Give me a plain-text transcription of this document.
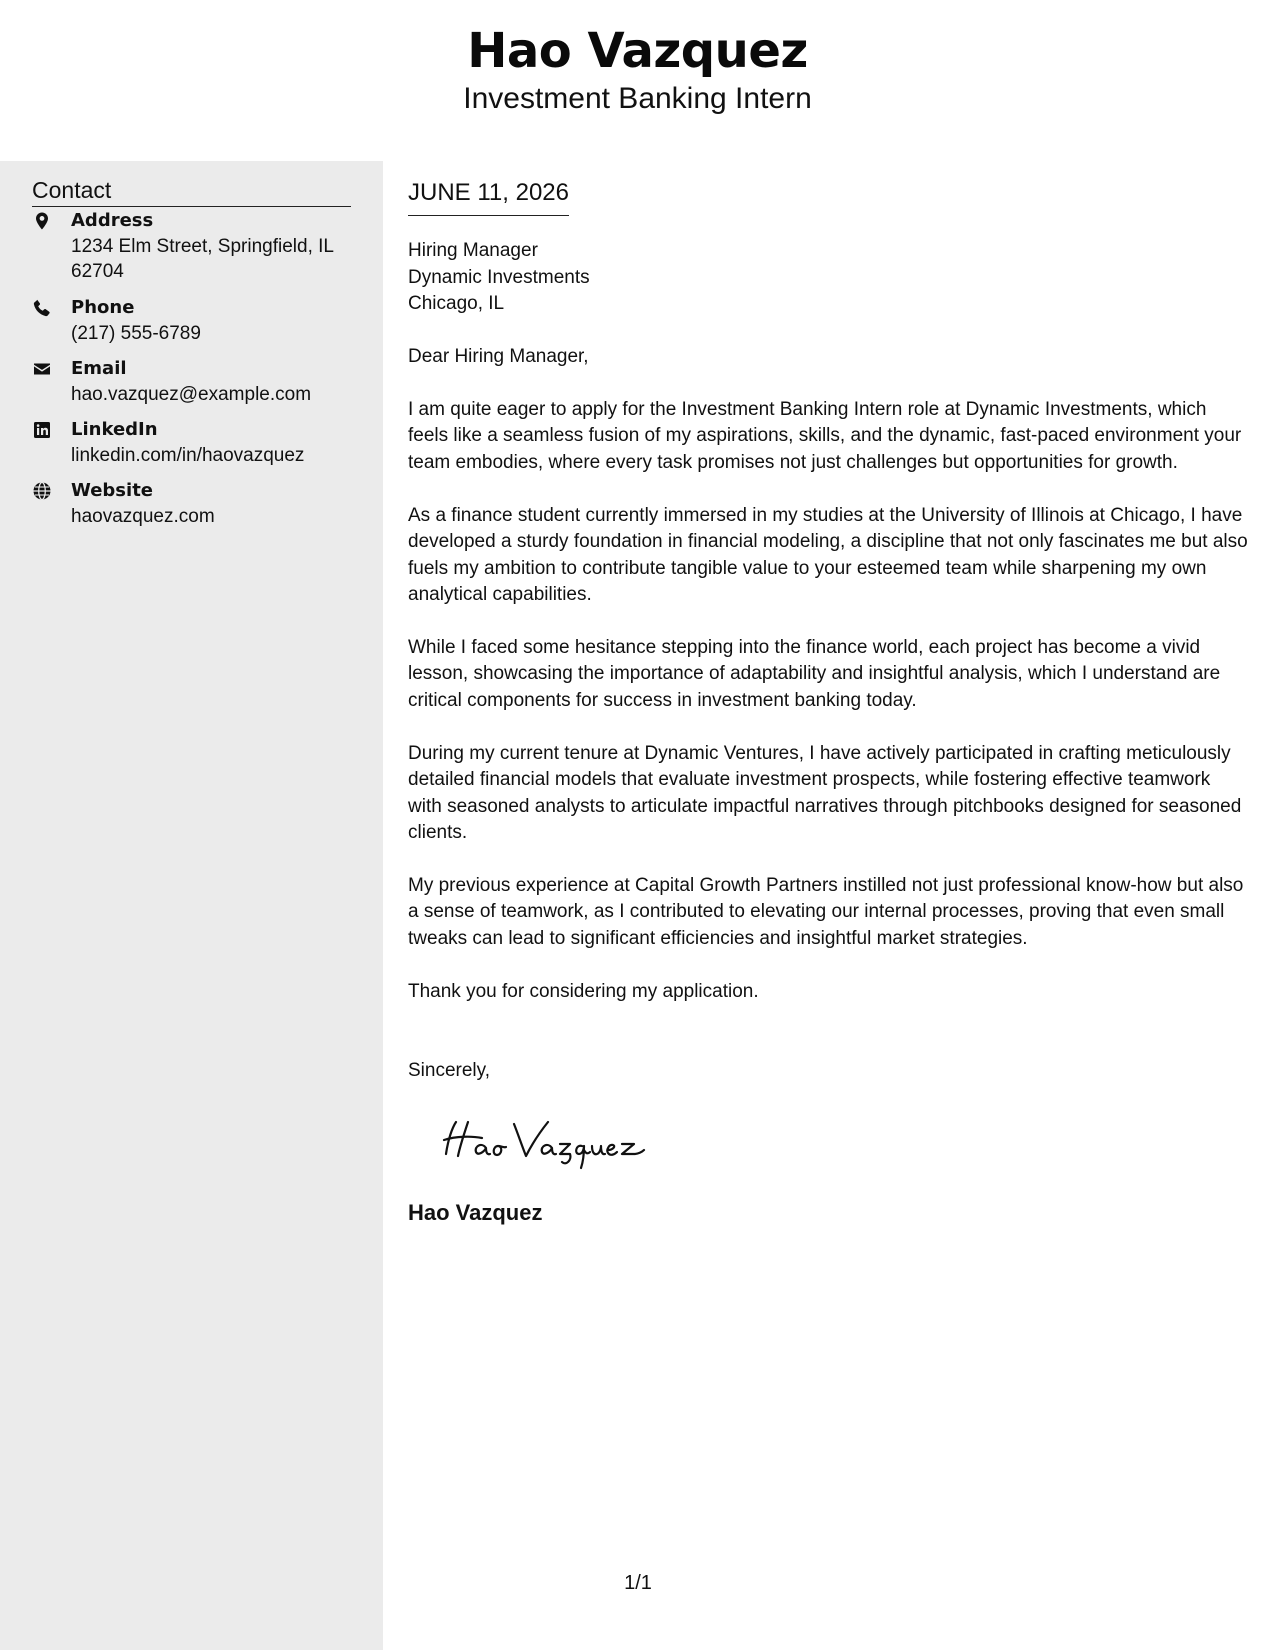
Hao Vazquez
Investment Banking Intern
Contact
Address
1234 Elm Street, Springfield, IL 62704
Phone
(217) 555-6789
Email
hao.vazquez@example.com
LinkedIn
linkedin.com/in/haovazquez
Website
haovazquez.com
JUNE 11, 2026
Hiring Manager
Dynamic Investments
Chicago, IL
Dear Hiring Manager,
I am quite eager to apply for the Investment Banking Intern role at Dynamic Investments, which feels like a seamless fusion of my aspirations, skills, and the dynamic, fast-paced environment your team embodies, where every task promises not just challenges but opportunities for growth.
As a finance student currently immersed in my studies at the University of Illinois at Chicago, I have developed a sturdy foundation in financial modeling, a discipline that not only fascinates me but also fuels my ambition to contribute tangible value to your esteemed team while sharpening my own analytical capabilities.
While I faced some hesitance stepping into the finance world, each project has become a vivid lesson, showcasing the importance of adaptability and insightful analysis, which I understand are critical components for success in investment banking today.
During my current tenure at Dynamic Ventures, I have actively participated in crafting meticulously detailed financial models that evaluate investment prospects, while fostering effective teamwork with seasoned analysts to articulate impactful narratives through pitchbooks designed for seasoned clients.
My previous experience at Capital Growth Partners instilled not just professional know-how but also a sense of teamwork, as I contributed to elevating our internal processes, proving that even small tweaks can lead to significant efficiencies and insightful market strategies.
Thank you for considering my application.
Sincerely,
Hao Vazquez
1/1
